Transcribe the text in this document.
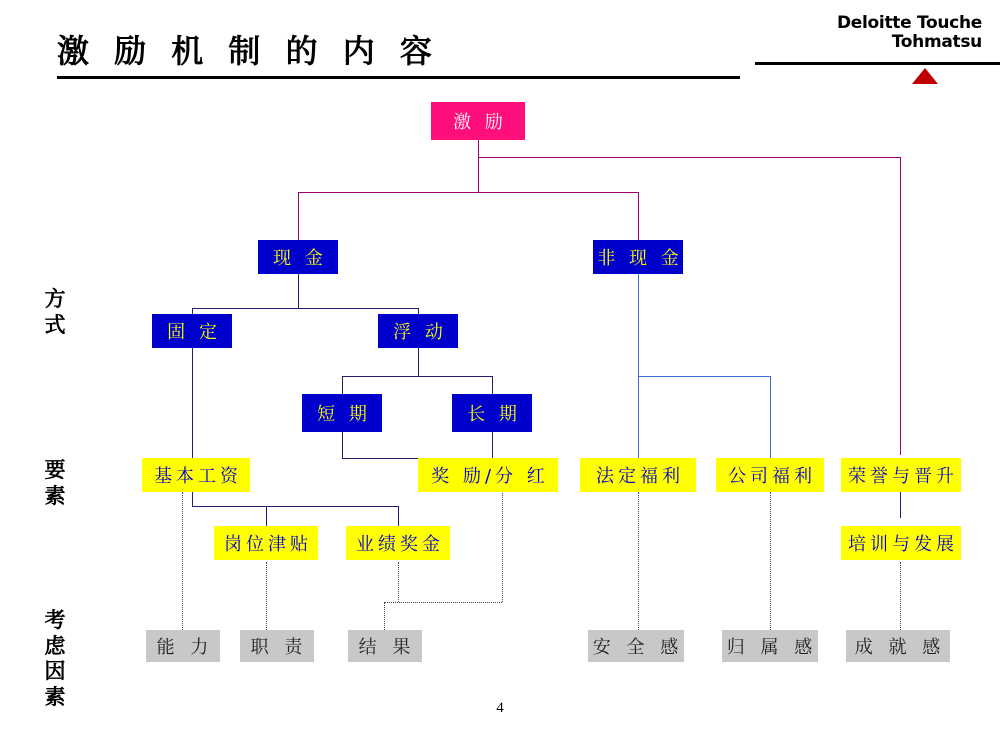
Deloitte Touche
Tohmatsu
激 励 机 制 的 内 容
方式
要素
考虑因素
激 励
现 金	非 现 金
固 定	浮 动
短 期	长 期
基本工资	奖 励/分 红	法定福利	公司福利	荣誉与晋升
岗位津贴	业绩奖金	培训与发展
能 力	职 责	结 果	安 全 感 归 属 感	成 就 感
4
